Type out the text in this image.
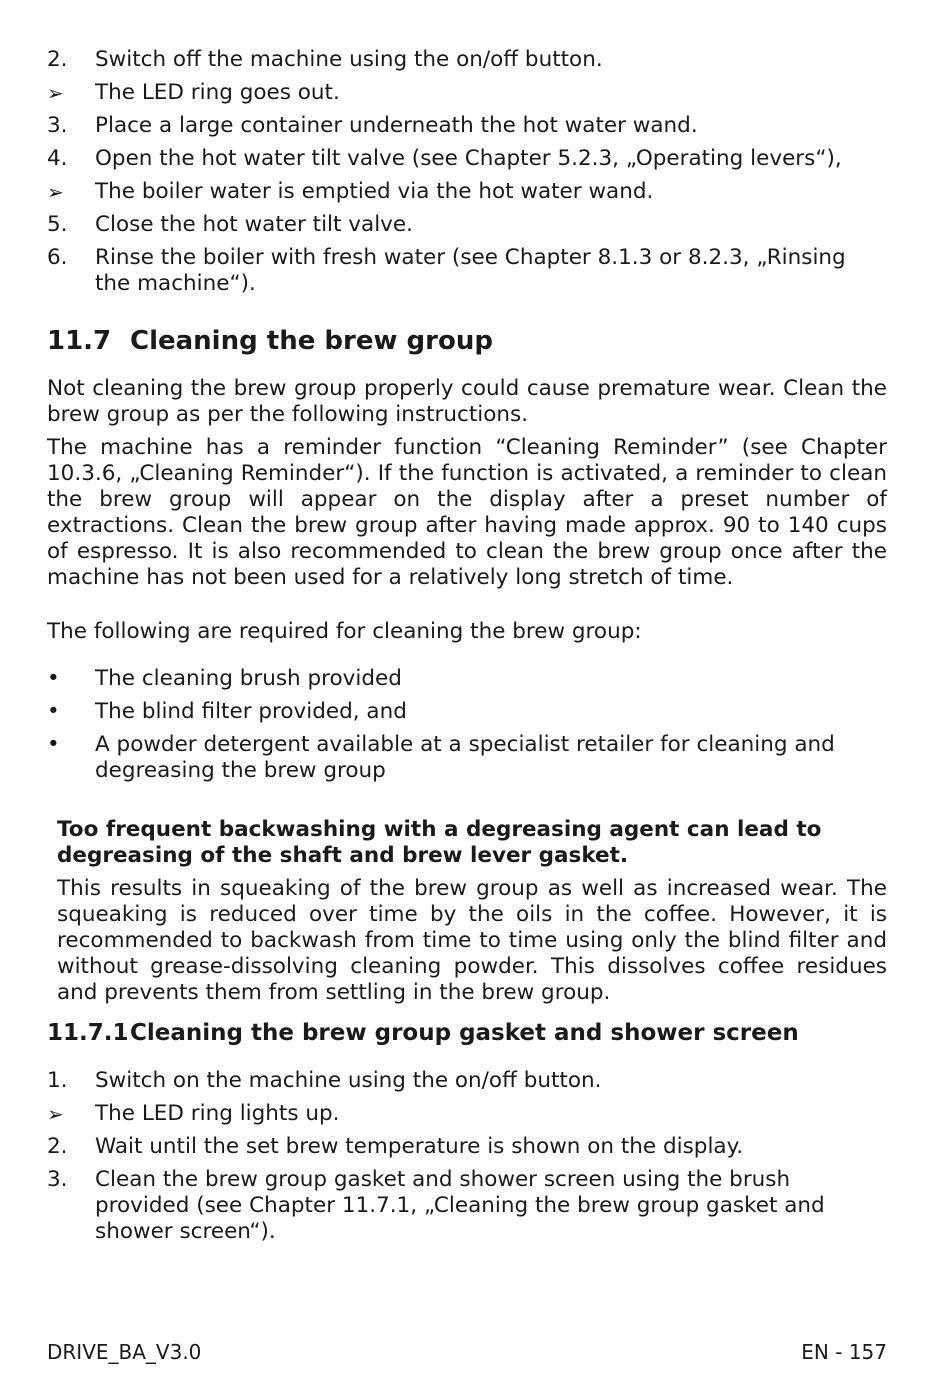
2. Switch off the machine using the on/off button.
➢ The LED ring goes out.
3. Place a large container underneath the hot water wand.
4. Open the hot water tilt valve (see Chapter 5.2.3, „Operating levers“),
➢ The boiler water is emptied via the hot water wand.
5. Close the hot water tilt valve.
6. Rinse the boiler with fresh water (see Chapter 8.1.3 or 8.2.3, „Rinsing the machine“).
11.7 Cleaning the brew group
Not cleaning the brew group properly could cause premature wear. Clean the brew group as per the following instructions.
The machine has a reminder function “Cleaning Reminder” (see Chapter 10.3.6, „Cleaning Reminder“). If the function is activated, a reminder to clean the brew group will appear on the display after a preset number of extractions. Clean the brew group after having made approx. 90 to 140 cups of espresso. It is also recommended to clean the brew group once after the machine has not been used for a relatively long stretch of time.
The following are required for cleaning the brew group:
• The cleaning brush provided
• The blind filter provided, and
• A powder detergent available at a specialist retailer for cleaning and degreasing the brew group
Too frequent backwashing with a degreasing agent can lead to degreasing of the shaft and brew lever gasket.
This results in squeaking of the brew group as well as increased wear. The squeaking is reduced over time by the oils in the coffee. However, it is recommended to backwash from time to time using only the blind filter and without grease-dissolving cleaning powder. This dissolves coffee residues and prevents them from settling in the brew group.
11.7.1 Cleaning the brew group gasket and shower screen
1. Switch on the machine using the on/off button.
➢ The LED ring lights up.
2. Wait until the set brew temperature is shown on the display.
3. Clean the brew group gasket and shower screen using the brush provided (see Chapter 11.7.1, „Cleaning the brew group gasket and shower screen“).
DRIVE_BA_V3.0	EN - 157
